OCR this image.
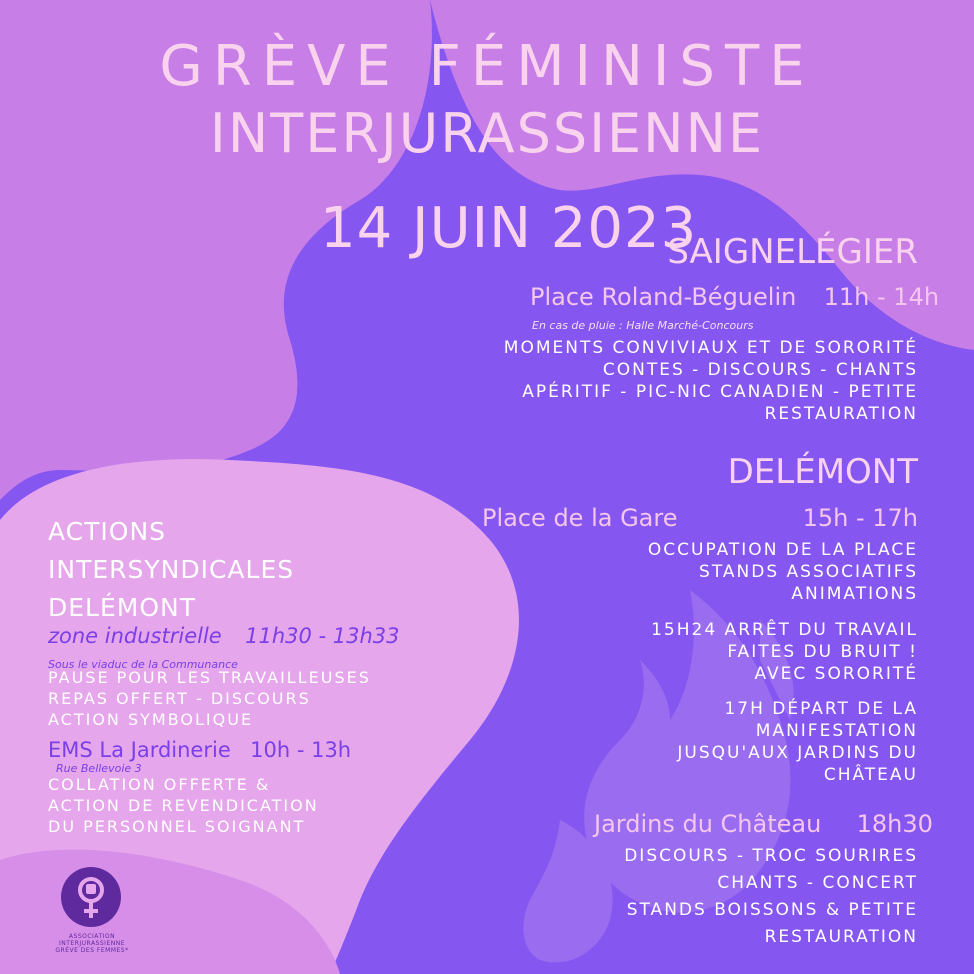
GRÈVE FÉMINISTE
INTERJURASSIENNE
14 JUIN 2023
SAIGNELÉGIER
Place Roland-Béguelin 11h - 14h
En cas de pluie : Halle Marché-Concours
MOMENTS CONVIVIAUX ET DE SORORITÉ
CONTES - DISCOURS - CHANTS
APÉRITIF - PIC-NIC CANADIEN - PETITE
RESTAURATION
DELÉMONT
Place de la Gare	15h - 17h
OCCUPATION DE LA PLACE
STANDS ASSOCIATIFS
ANIMATIONS
15H24 ARRÊT DU TRAVAIL
FAITES DU BRUIT !
AVEC SORORITÉ
17H DÉPART DE LA
MANIFESTATION
JUSQU'AUX JARDINS DU
CHÂTEAU
Jardins du Château 18h30
DISCOURS - TROC SOURIRES
CHANTS - CONCERT
STANDS BOISSONS & PETITE
RESTAURATION
ACTIONS
INTERSYNDICALES
DELÉMONT
zone industrielle 11h30 - 13h33
Sous le viaduc de la Communance
PAUSE POUR LES TRAVAILLEUSES
REPAS OFFERT - DISCOURS
ACTION SYMBOLIQUE
EMS La Jardinerie 10h - 13h
Rue Bellevoie 3
COLLATION OFFERTE &
ACTION DE REVENDICATION
DU PERSONNEL SOIGNANT
ASSOCIATION
INTERJURASSIENNE
GRÈVE DES FEMMES*
